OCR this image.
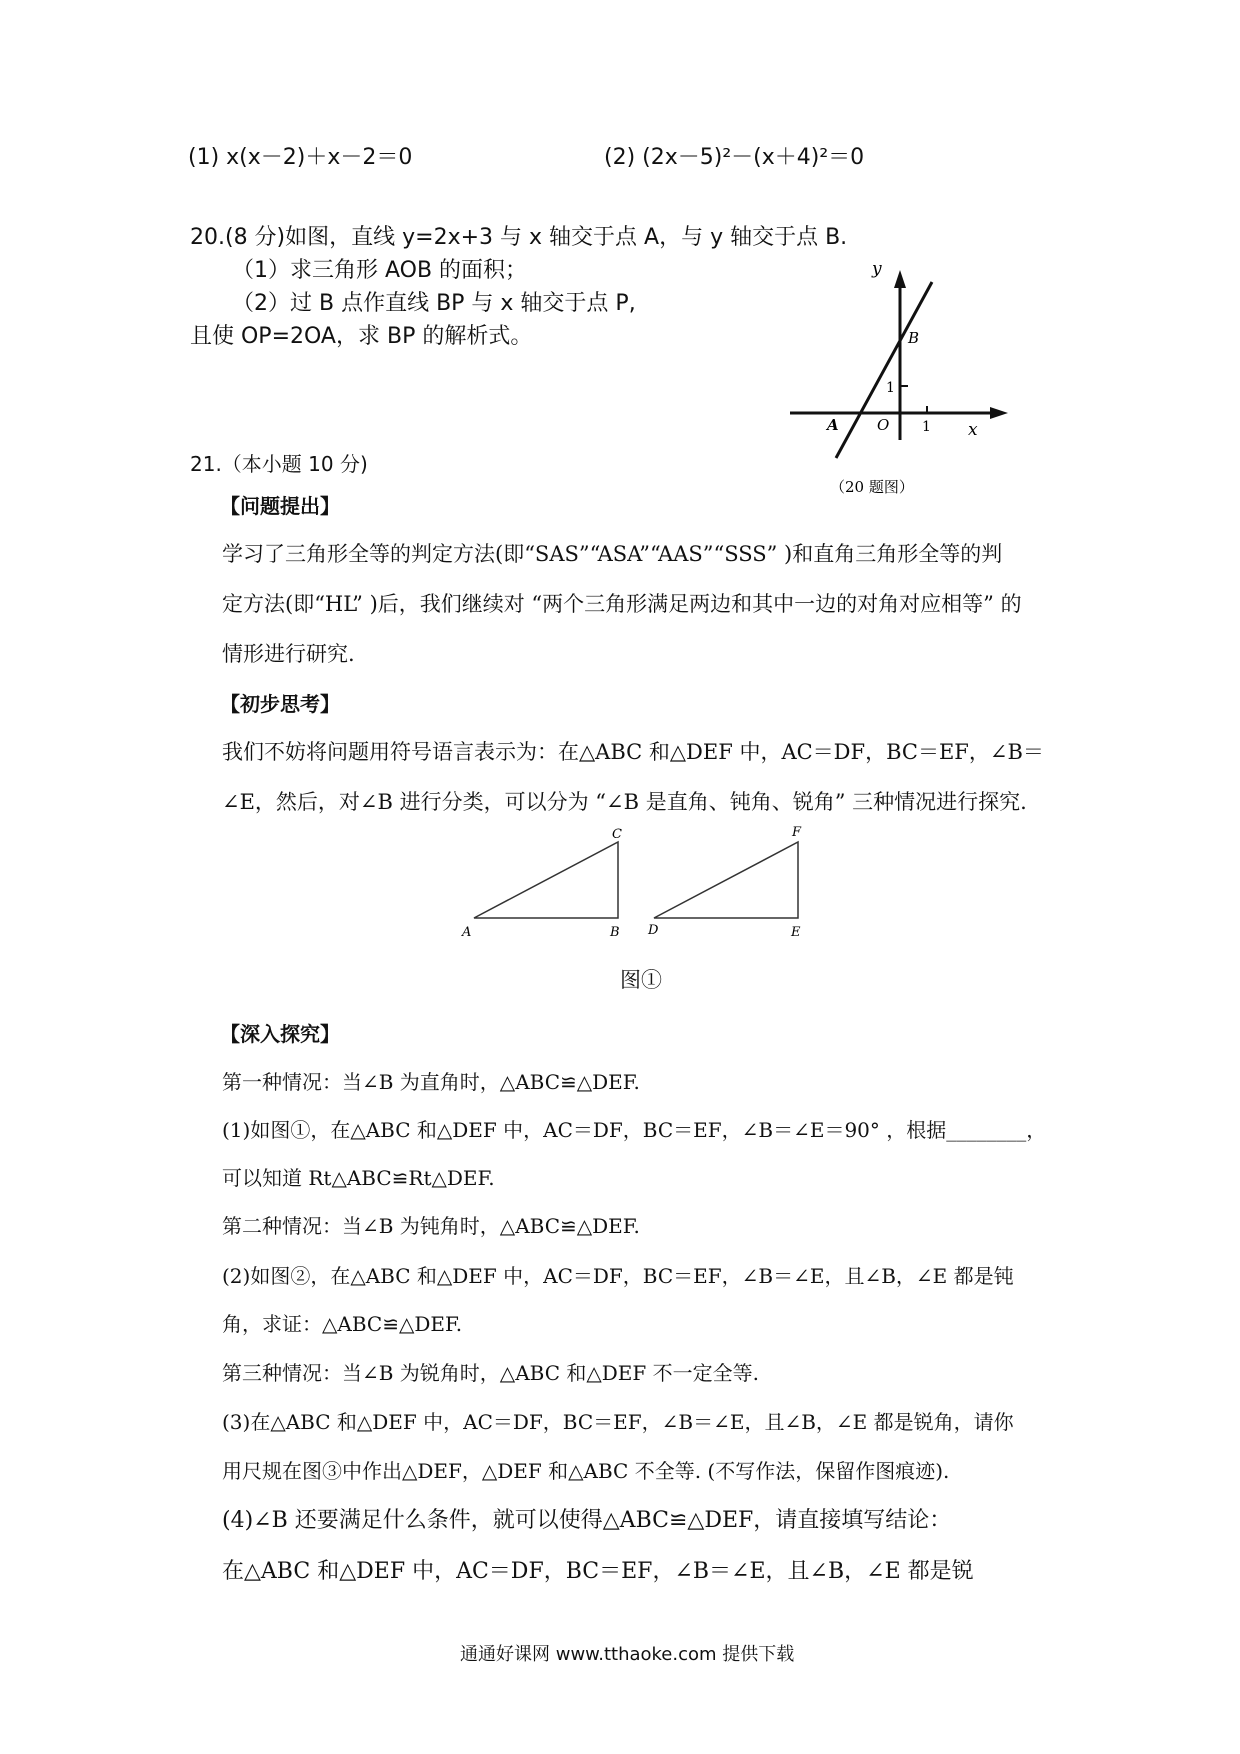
(1) x(x－2)＋x－2＝0	(2) (2x－5)²－(x＋4)²＝0
20.(8 分)如图，直线 y=2x+3 与 x 轴交于点 A，与 y 轴交于点 B.
（1）求三角形 AOB 的面积；
（2）过 B 点作直线 BP 与 x 轴交于点 P,
且使 OP=2OA，求 BP 的解析式。
y
x
B
A	O
1
1
（20 题图）
21.（本小题 10 分)
【问题提出】
学习了三角形全等的判定方法(即“SAS”“ASA”“AAS”“SSS” )和直角三角形全等的判
定方法(即“HL” )后，我们继续对 “两个三角形满足两边和其中一边的对角对应相等” 的
情形进行研究.
【初步思考】
我们不妨将问题用符号语言表示为：在△ABC 和△DEF 中，AC＝DF，BC＝EF，∠B＝
∠E，然后，对∠B 进行分类，可以分为 “∠B 是直角、钝角、锐角” 三种情况进行探究.
A	B
C
D	E
F
图①
【深入探究】
第一种情况：当∠B 为直角时，△ABC≌△DEF.
(1)如图①，在△ABC 和△DEF 中，AC＝DF，BC＝EF，∠B＝∠E＝90° ，根据________，
可以知道 Rt△ABC≌Rt△DEF.
第二种情况：当∠B 为钝角时，△ABC≌△DEF.
(2)如图②，在△ABC 和△DEF 中，AC＝DF，BC＝EF，∠B＝∠E，且∠B，∠E 都是钝
角，求证：△ABC≌△DEF.
第三种情况：当∠B 为锐角时，△ABC 和△DEF 不一定全等.
(3)在△ABC 和△DEF 中，AC＝DF，BC＝EF，∠B＝∠E，且∠B，∠E 都是锐角，请你
用尺规在图③中作出△DEF，△DEF 和△ABC 不全等. (不写作法，保留作图痕迹).
(4)∠B 还要满足什么条件，就可以使得△ABC≌△DEF，请直接填写结论：
在△ABC 和△DEF 中，AC＝DF，BC＝EF，∠B＝∠E，且∠B，∠E 都是锐
通通好课网 www.tthaoke.com 提供下载
